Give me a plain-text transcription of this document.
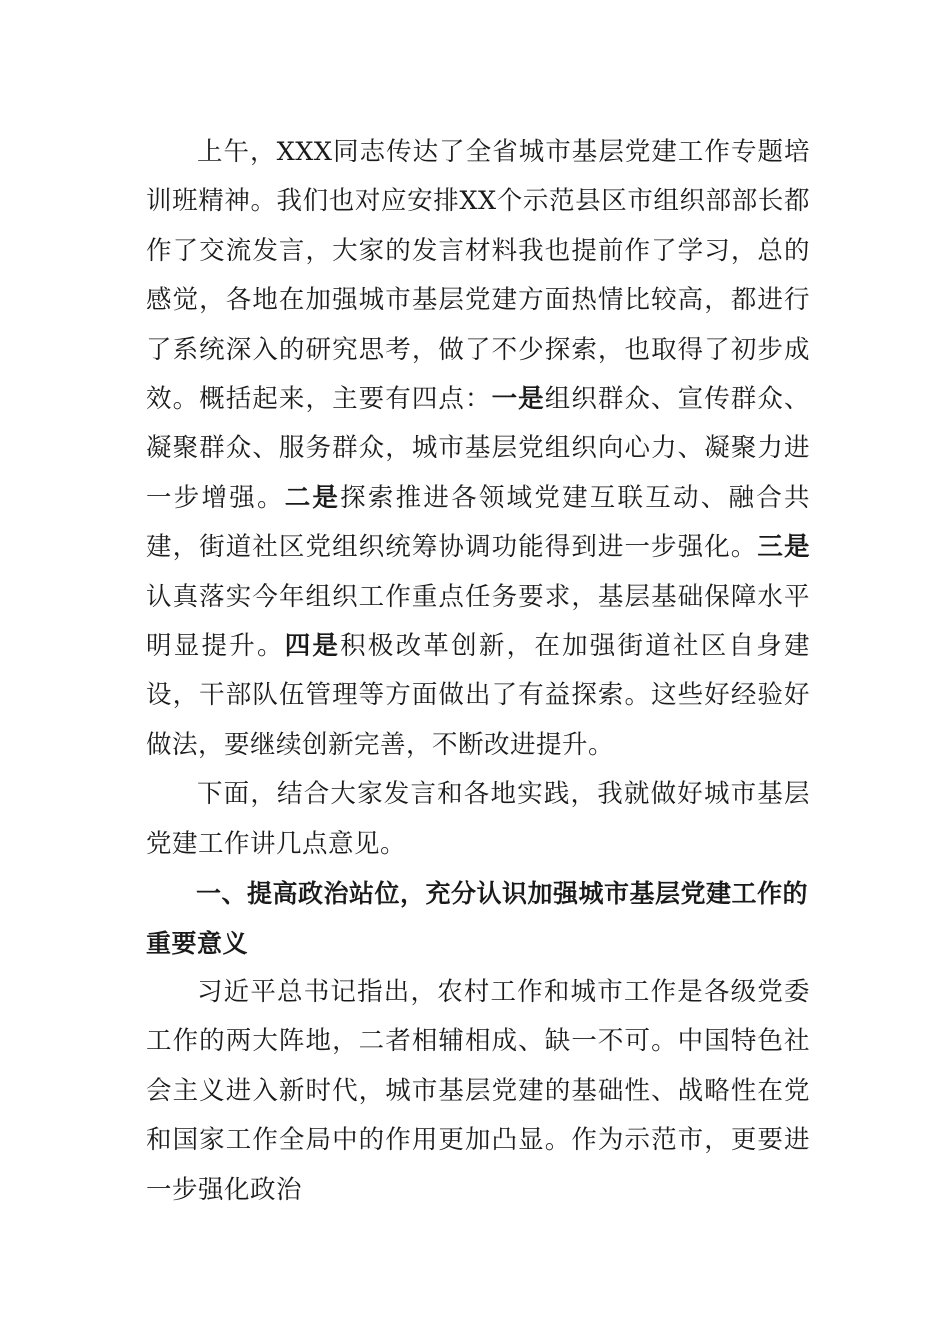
上午，XXX同志传达了全省城市基层党建工作专题培训班精神。我们也对应安排XX个示范县区市组织部部长都作了交流发言，大家的发言材料我也提前作了学习，总的感觉，各地在加强城市基层党建方面热情比较高，都进行了系统深入的研究思考，做了不少探索，也取得了初步成效。概括起来，主要有四点：一是组织群众、宣传群众、凝聚群众、服务群众，城市基层党组织向心力、凝聚力进一步增强。二是探索推进各领域党建互联互动、融合共建，街道社区党组织统筹协调功能得到进一步强化。三是认真落实今年组织工作重点任务要求，基层基础保障水平明显提升。四是积极改革创新，在加强街道社区自身建设，干部队伍管理等方面做出了有益探索。这些好经验好做法，要继续创新完善，不断改进提升。

下面，结合大家发言和各地实践，我就做好城市基层党建工作讲几点意见。

一、提高政治站位，充分认识加强城市基层党建工作的重要意义

习近平总书记指出，农村工作和城市工作是各级党委工作的两大阵地，二者相辅相成、缺一不可。中国特色社会主义进入新时代，城市基层党建的基础性、战略性在党和国家工作全局中的作用更加凸显。作为示范市，更要进一步强化政治
